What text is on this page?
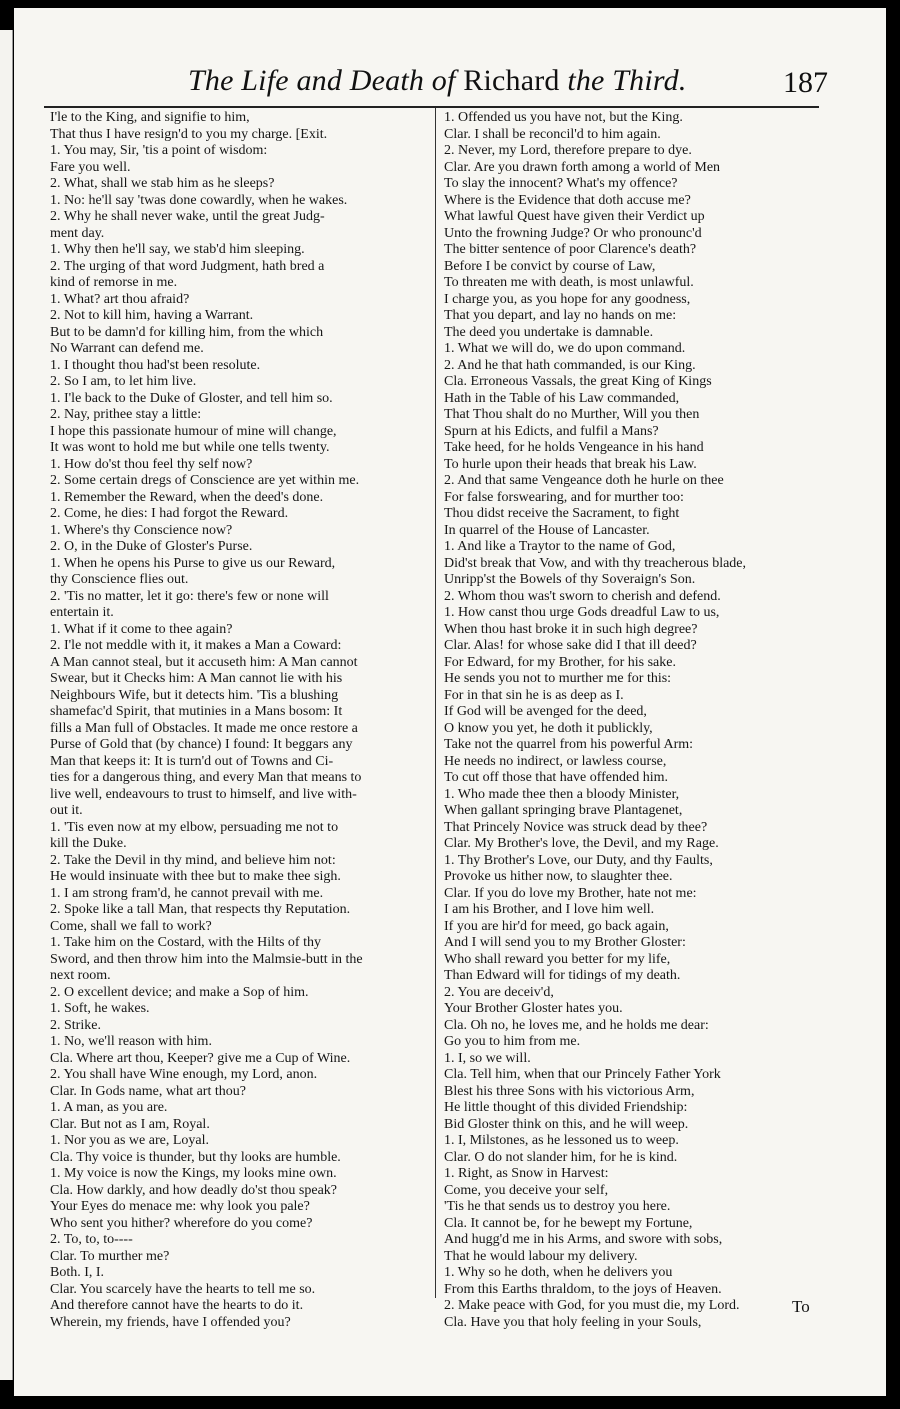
The Life and Death of Richard the Third.	187
I'le to the King, and signifie to him,
That thus I have resign'd to you my charge. [Exit.
1. You may, Sir, 'tis a point of wisdom:
Fare you well.
2. What, shall we stab him as he sleeps?
1. No: he'll say 'twas done cowardly, when he wakes.
2. Why he shall never wake, until the great Judg-
ment day.
1. Why then he'll say, we stab'd him sleeping.
2. The urging of that word Judgment, hath bred a
kind of remorse in me.
1. What? art thou afraid?
2. Not to kill him, having a Warrant.
But to be damn'd for killing him, from the which
No Warrant can defend me.
1. I thought thou had'st been resolute.
2. So I am, to let him live.
1. I'le back to the Duke of Gloster, and tell him so.
2. Nay, prithee stay a little:
I hope this passionate humour of mine will change,
It was wont to hold me but while one tells twenty.
1. How do'st thou feel thy self now?
2. Some certain dregs of Conscience are yet within me.
1. Remember the Reward, when the deed's done.
2. Come, he dies: I had forgot the Reward.
1. Where's thy Conscience now?
2. O, in the Duke of Gloster's Purse.
1. When he opens his Purse to give us our Reward,
thy Conscience flies out.
2. 'Tis no matter, let it go: there's few or none will
entertain it.
1. What if it come to thee again?
2. I'le not meddle with it, it makes a Man a Coward:
A Man cannot steal, but it accuseth him: A Man cannot
Swear, but it Checks him: A Man cannot lie with his
Neighbours Wife, but it detects him. 'Tis a blushing
shamefac'd Spirit, that mutinies in a Mans bosom: It
fills a Man full of Obstacles. It made me once restore a
Purse of Gold that (by chance) I found: It beggars any
Man that keeps it: It is turn'd out of Towns and Ci-
ties for a dangerous thing, and every Man that means to
live well, endeavours to trust to himself, and live with-
out it.
1. 'Tis even now at my elbow, persuading me not to
kill the Duke.
2. Take the Devil in thy mind, and believe him not:
He would insinuate with thee but to make thee sigh.
1. I am strong fram'd, he cannot prevail with me.
2. Spoke like a tall Man, that respects thy Reputation.
Come, shall we fall to work?
1. Take him on the Costard, with the Hilts of thy
Sword, and then throw him into the Malmsie-butt in the
next room.
2. O excellent device; and make a Sop of him.
1. Soft, he wakes.
2. Strike.
1. No, we'll reason with him.
Cla. Where art thou, Keeper? give me a Cup of Wine.
2. You shall have Wine enough, my Lord, anon.
Clar. In Gods name, what art thou?
1. A man, as you are.
Clar. But not as I am, Royal.
1. Nor you as we are, Loyal.
Cla. Thy voice is thunder, but thy looks are humble.
1. My voice is now the Kings, my looks mine own.
Cla. How darkly, and how deadly do'st thou speak?
Your Eyes do menace me: why look you pale?
Who sent you hither? wherefore do you come?
2. To, to, to----
Clar. To murther me?
Both. I, I.
Clar. You scarcely have the hearts to tell me so.
And therefore cannot have the hearts to do it.
Wherein, my friends, have I offended you?
1. Offended us you have not, but the King.
Clar. I shall be reconcil'd to him again.
2. Never, my Lord, therefore prepare to dye.
Clar. Are you drawn forth among a world of Men
To slay the innocent? What's my offence?
Where is the Evidence that doth accuse me?
What lawful Quest have given their Verdict up
Unto the frowning Judge? Or who pronounc'd
The bitter sentence of poor Clarence's death?
Before I be convict by course of Law,
To threaten me with death, is most unlawful.
I charge you, as you hope for any goodness,
That you depart, and lay no hands on me:
The deed you undertake is damnable.
1. What we will do, we do upon command.
2. And he that hath commanded, is our King.
Cla. Erroneous Vassals, the great King of Kings
Hath in the Table of his Law commanded,
That Thou shalt do no Murther, Will you then
Spurn at his Edicts, and fulfil a Mans?
Take heed, for he holds Vengeance in his hand
To hurle upon their heads that break his Law.
2. And that same Vengeance doth he hurle on thee
For false forswearing, and for murther too:
Thou didst receive the Sacrament, to fight
In quarrel of the House of Lancaster.
1. And like a Traytor to the name of God,
Did'st break that Vow, and with thy treacherous blade,
Unripp'st the Bowels of thy Soveraign's Son.
2. Whom thou was't sworn to cherish and defend.
1. How canst thou urge Gods dreadful Law to us,
When thou hast broke it in such high degree?
Clar. Alas! for whose sake did I that ill deed?
For Edward, for my Brother, for his sake.
He sends you not to murther me for this:
For in that sin he is as deep as I.
If God will be avenged for the deed,
O know you yet, he doth it publickly,
Take not the quarrel from his powerful Arm:
He needs no indirect, or lawless course,
To cut off those that have offended him.
1. Who made thee then a bloody Minister,
When gallant springing brave Plantagenet,
That Princely Novice was struck dead by thee?
Clar. My Brother's love, the Devil, and my Rage.
1. Thy Brother's Love, our Duty, and thy Faults,
Provoke us hither now, to slaughter thee.
Clar. If you do love my Brother, hate not me:
I am his Brother, and I love him well.
If you are hir'd for meed, go back again,
And I will send you to my Brother Gloster:
Who shall reward you better for my life,
Than Edward will for tidings of my death.
2. You are deceiv'd,
Your Brother Gloster hates you.
Cla. Oh no, he loves me, and he holds me dear:
Go you to him from me.
1. I, so we will.
Cla. Tell him, when that our Princely Father York
Blest his three Sons with his victorious Arm,
He little thought of this divided Friendship:
Bid Gloster think on this, and he will weep.
1. I, Milstones, as he lessoned us to weep.
Clar. O do not slander him, for he is kind.
1. Right, as Snow in Harvest:
Come, you deceive your self,
'Tis he that sends us to destroy you here.
Cla. It cannot be, for he bewept my Fortune,
And hugg'd me in his Arms, and swore with sobs,
That he would labour my delivery.
1. Why so he doth, when he delivers you
From this Earths thraldom, to the joys of Heaven.
2. Make peace with God, for you must die, my Lord.
Cla. Have you that holy feeling in your Souls,
To
